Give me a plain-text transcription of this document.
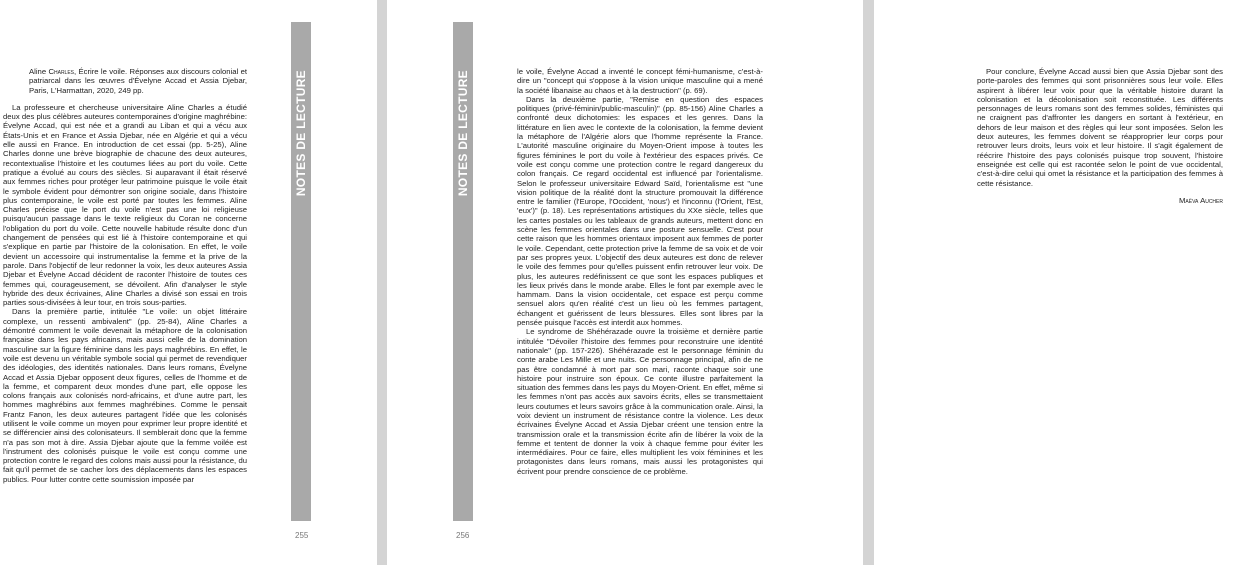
Aline Charles, Écrire le voile. Réponses aux discours colonial et patriarcal dans les œuvres d'Évelyne Accad et Assia Djebar, Paris, L'Harmattan, 2020, 249 pp.

La professeure et chercheuse universitaire Aline Charles a étudié deux des plus célèbres auteures contemporaines d'origine maghrébine: Évelyne Accad, qui est née et a grandi au Liban et qui a vécu aux États-Unis et en France et Assia Djebar, née en Algérie et qui a vécu elle aussi en France. En introduction de cet essai (pp. 5-25), Aline Charles donne une brève biographie de chacune des deux auteures, recontextualise l'histoire et les coutumes liées au port du voile. Cette pratique a évolué au cours des siècles. Si auparavant il était réservé aux femmes riches pour protéger leur patrimoine puisque le voile était le symbole évident pour démontrer son origine sociale, dans l'histoire plus contemporaine, le voile est porté par toutes les femmes. Aline Charles précise que le port du voile n'est pas une loi religieuse puisqu'aucun passage dans le texte religieux du Coran ne concerne l'obligation du port du voile. Cette nouvelle habitude résulte donc d'un changement de pensées qui est lié à l'histoire contemporaine et qui s'explique en partie par l'histoire de la colonisation. En effet, le voile devient un accessoire qui instrumentalise la femme et la prive de la parole. Dans l'objectif de leur redonner la voix, les deux auteures Assia Djebar et Évelyne Accad décident de raconter l'histoire de toutes ces femmes qui, courageusement, se dévoilent. Afin d'analyser le style hybride des deux écrivaines, Aline Charles a divisé son essai en trois parties sous-divisées à leur tour, en trois sous-parties.

Dans la première partie, intitulée "Le voile: un objet littéraire complexe, un ressenti ambivalent" (pp. 25-84), Aline Charles a démontré comment le voile devenait la métaphore de la colonisation française dans les pays africains, mais aussi celle de la domination masculine sur la figure féminine dans les pays maghrébins. En effet, le voile est devenu un véritable symbole social qui permet de revendiquer des idéologies, des identités nationales. Dans leurs romans, Évelyne Accad et Assia Djebar opposent deux figures, celles de l'homme et de la femme, et comparent deux mondes d'une part, elle oppose les colons français aux colonisés nord-africains, et d'une autre part, les hommes maghrébins aux femmes maghrébines. Comme le pensait Frantz Fanon, les deux auteures partagent l'idée que les colonisés utilisent le voile comme un moyen pour exprimer leur propre identité et se différencier ainsi des colonisateurs. Il semblerait donc que la femme n'a pas son mot à dire. Assia Djebar ajoute que la femme voilée est l'instrument des colonisés puisque le voile est conçu comme une protection contre le regard des colons mais aussi pour la résistance, du fait qu'il permet de se cacher lors des déplacements dans les espaces publics. Pour lutter contre cette soumission imposée par

NOTES DE LECTURE
255
NOTES DE LECTURE
256

le voile, Évelyne Accad a inventé le concept fémi-humanisme, c'est-à-dire un "concept qui s'oppose à la vision unique masculine qui a mené la société libanaise au chaos et à la destruction" (p. 69).

Dans la deuxième partie, "Remise en question des espaces politiques (privé-féminin/public-masculin)" (pp. 85-156) Aline Charles a confronté deux dichotomies: les espaces et les genres. Dans la littérature en lien avec le contexte de la colonisation, la femme devient la métaphore de l'Algérie alors que l'homme représente la France. L'autorité masculine originaire du Moyen-Orient impose à toutes les figures féminines le port du voile à l'extérieur des espaces privés. Ce voile est conçu comme une protection contre le regard dangereux du colon français. Ce regard occidental est influencé par l'orientalisme. Selon le professeur universitaire Edward Saïd, l'orientalisme est "une vision politique de la réalité dont la structure promouvait la différence entre le familier (l'Europe, l'Occident, 'nous') et l'inconnu (l'Orient, l'Est, 'eux')" (p. 18). Les représentations artistiques du XXe siècle, telles que les cartes postales ou les tableaux de grands auteurs, mettent donc en scène les femmes orientales dans une posture sensuelle. C'est pour cette raison que les hommes orientaux imposent aux femmes de porter le voile. Cependant, cette protection prive la femme de sa voix et de voir par ses propres yeux. L'objectif des deux auteures est donc de relever le voile des femmes pour qu'elles puissent enfin retrouver leur voix. De plus, les auteures redéfinissent ce que sont les espaces publiques et les lieux privés dans le monde arabe. Elles le font par exemple avec le hammam. Dans la vision occidentale, cet espace est perçu comme sensuel alors qu'en réalité c'est un lieu où les femmes partagent, échangent et guérissent de leurs blessures. Elles sont libres par la pensée puisque l'accès est interdit aux hommes.

Le syndrome de Shéhérazade ouvre la troisième et dernière partie intitulée "Dévoiler l'histoire des femmes pour reconstruire une identité nationale" (pp. 157-226). Shéhérazade est le personnage féminin du conte arabe Les Mille et une nuits. Ce personnage principal, afin de ne pas être condamné à mort par son mari, raconte chaque soir une histoire pour instruire son époux. Ce conte illustre parfaitement la situation des femmes dans les pays du Moyen-Orient. En effet, même si les femmes n'ont pas accès aux savoirs écrits, elles se transmettaient leurs coutumes et leurs savoirs grâce à la communication orale. Ainsi, la voix devient un instrument de résistance contre la violence. Les deux écrivaines Évelyne Accad et Assia Djebar créent une tension entre la transmission orale et la transmission écrite afin de libérer la voix de la femme et tentent de donner la voix à chaque femme pour éviter les intermédiaires. Pour ce faire, elles multiplient les voix féminines et les protagonistes dans leurs romans, mais aussi les protagonistes qui écrivent pour prendre conscience de ce problème.

Pour conclure, Évelyne Accad aussi bien que Assia Djebar sont des porte-paroles des femmes qui sont prisonnières sous leur voile. Elles aspirent à libérer leur voix pour que la véritable histoire durant la colonisation et la décolonisation soit reconstituée. Les différents personnages de leurs romans sont des femmes solides, féministes qui ne craignent pas d'affronter les dangers en sortant à l'extérieur, en dehors de leur maison et des règles qui leur sont imposées. Selon les deux auteures, les femmes doivent se réapproprier leur corps pour retrouver leurs droits, leurs voix et leur histoire. Il s'agit également de réécrire l'histoire des pays colonisés puisque trop souvent, l'histoire enseignée est celle qui est racontée selon le point de vue occidental, c'est-à-dire celui qui omet la résistance et la participation des femmes à cette résistance.

Maëva Aucher
